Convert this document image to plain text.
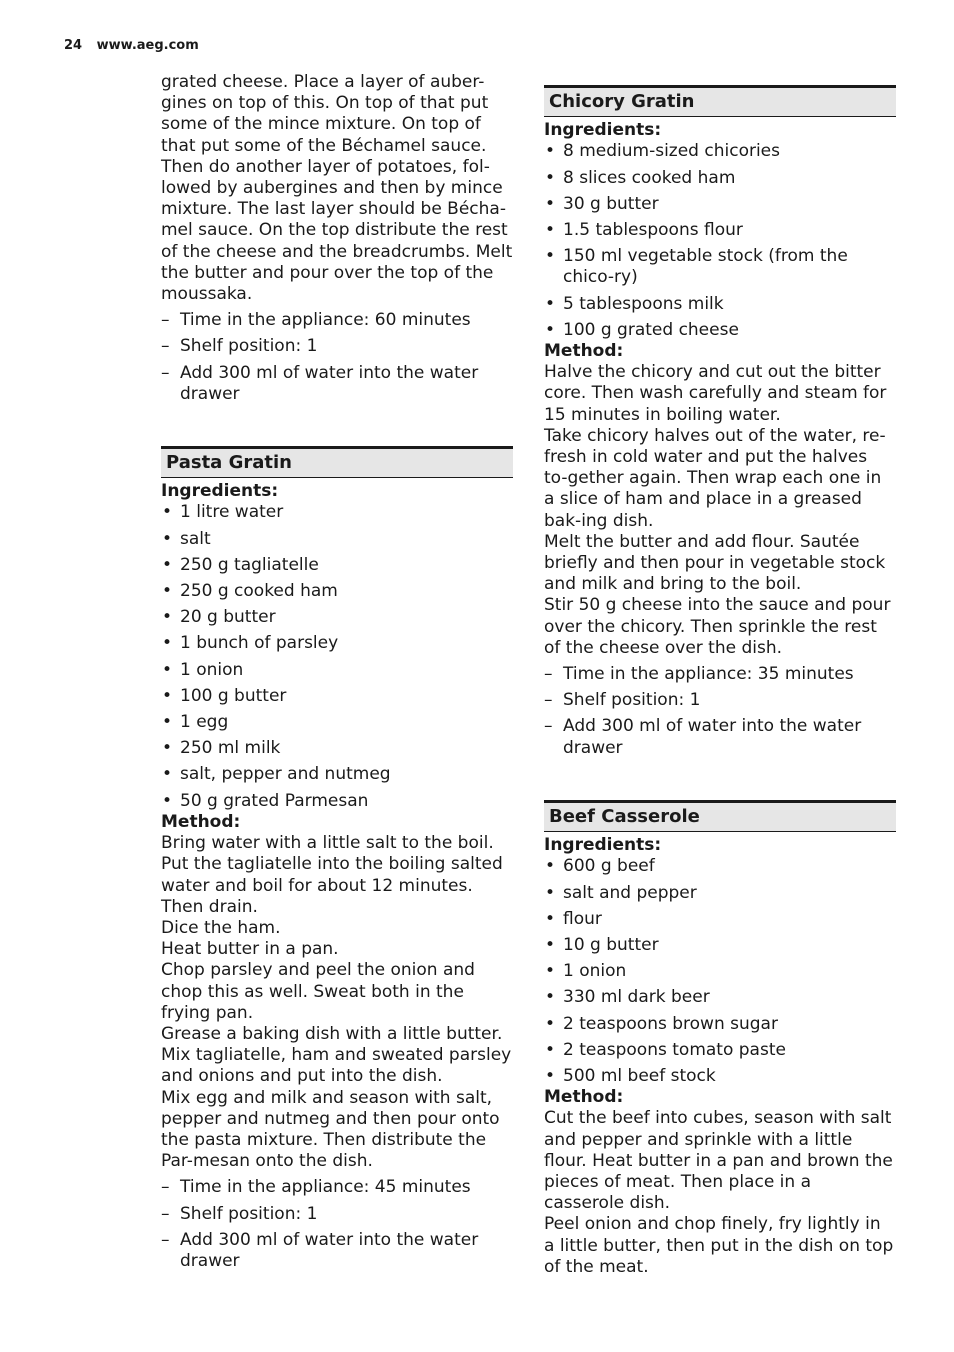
24 www.aeg.com

grated cheese. Place a layer of auber-gines on top of this. On top of that put some of the mince mixture. On top of that put some of the Béchamel sauce.

Then do another layer of potatoes, fol-lowed by aubergines and then by mince mixture. The last layer should be Bécha-mel sauce. On the top distribute the rest of the cheese and the breadcrumbs. Melt the butter and pour over the top of the moussaka.

– Time in the appliance: 60 minutes
– Shelf position: 1
– Add 300 ml of water into the water drawer
Pasta Gratin

Ingredients:

• 1 litre water
• salt
• 250 g tagliatelle
• 250 g cooked ham
• 20 g butter
• 1 bunch of parsley
• 1 onion
• 100 g butter
• 1 egg
• 250 ml milk
• salt, pepper and nutmeg
• 50 g grated Parmesan

Method:

Bring water with a little salt to the boil. Put the tagliatelle into the boiling salted water and boil for about 12 minutes. Then drain.

Dice the ham.

Heat butter in a pan.

Chop parsley and peel the onion and chop this as well. Sweat both in the frying pan.

Grease a baking dish with a little butter. Mix tagliatelle, ham and sweated parsley and onions and put into the dish.

Mix egg and milk and season with salt, pepper and nutmeg and then pour onto the pasta mixture. Then distribute the Par-mesan onto the dish.

– Time in the appliance: 45 minutes
– Shelf position: 1
– Add 300 ml of water into the water drawer
Chicory Gratin

Ingredients:

• 8 medium-sized chicories
• 8 slices cooked ham
• 30 g butter
• 1.5 tablespoons flour
• 150 ml vegetable stock (from the chico-ry)
• 5 tablespoons milk
• 100 g grated cheese

Method:

Halve the chicory and cut out the bitter core. Then wash carefully and steam for 15 minutes in boiling water.

Take chicory halves out of the water, re-fresh in cold water and put the halves to-gether again. Then wrap each one in a slice of ham and place in a greased bak-ing dish.

Melt the butter and add flour. Sautée briefly and then pour in vegetable stock and milk and bring to the boil.

Stir 50 g cheese into the sauce and pour over the chicory. Then sprinkle the rest of the cheese over the dish.

– Time in the appliance: 35 minutes
– Shelf position: 1
– Add 300 ml of water into the water drawer
Beef Casserole

Ingredients:

• 600 g beef
• salt and pepper
• flour
• 10 g butter
• 1 onion
• 330 ml dark beer
• 2 teaspoons brown sugar
• 2 teaspoons tomato paste
• 500 ml beef stock

Method:

Cut the beef into cubes, season with salt and pepper and sprinkle with a little flour. Heat butter in a pan and brown the pieces of meat. Then place in a casserole dish.

Peel onion and chop finely, fry lightly in a little butter, then put in the dish on top of the meat.
